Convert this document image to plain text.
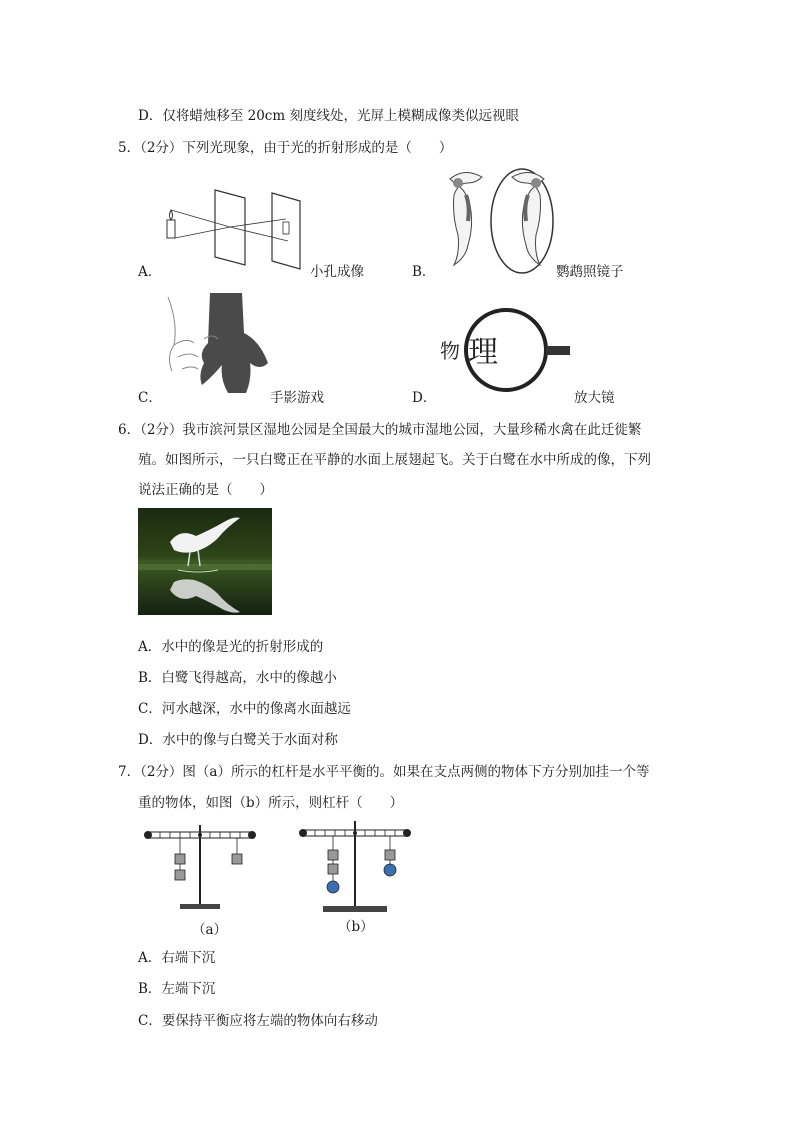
D．仅将蜡烛移至 20cm 刻度线处，光屏上模糊成像类似远视眼
5．（2分）下列光现象，由于光的折射形成的是（　　）
A．	小孔成像	B．	鹦鹉照镜子
C．	手影游戏	D．
物 理
放大镜
6．（2分）我市滨河景区湿地公园是全国最大的城市湿地公园，大量珍稀水禽在此迁徙繁
殖。如图所示，一只白鹭正在平静的水面上展翅起飞。关于白鹭在水中所成的像，下列
说法正确的是（　　）
A．水中的像是光的折射形成的
B．白鹭飞得越高，水中的像越小
C．河水越深，水中的像离水面越远
D．水中的像与白鹭关于水面对称
7．（2分）图（a）所示的杠杆是水平平衡的。如果在支点两侧的物体下方分别加挂一个等
重的物体，如图（b）所示，则杠杆（　　）
（a）	（b）
A．右端下沉
B．左端下沉
C．要保持平衡应将左端的物体向右移动
